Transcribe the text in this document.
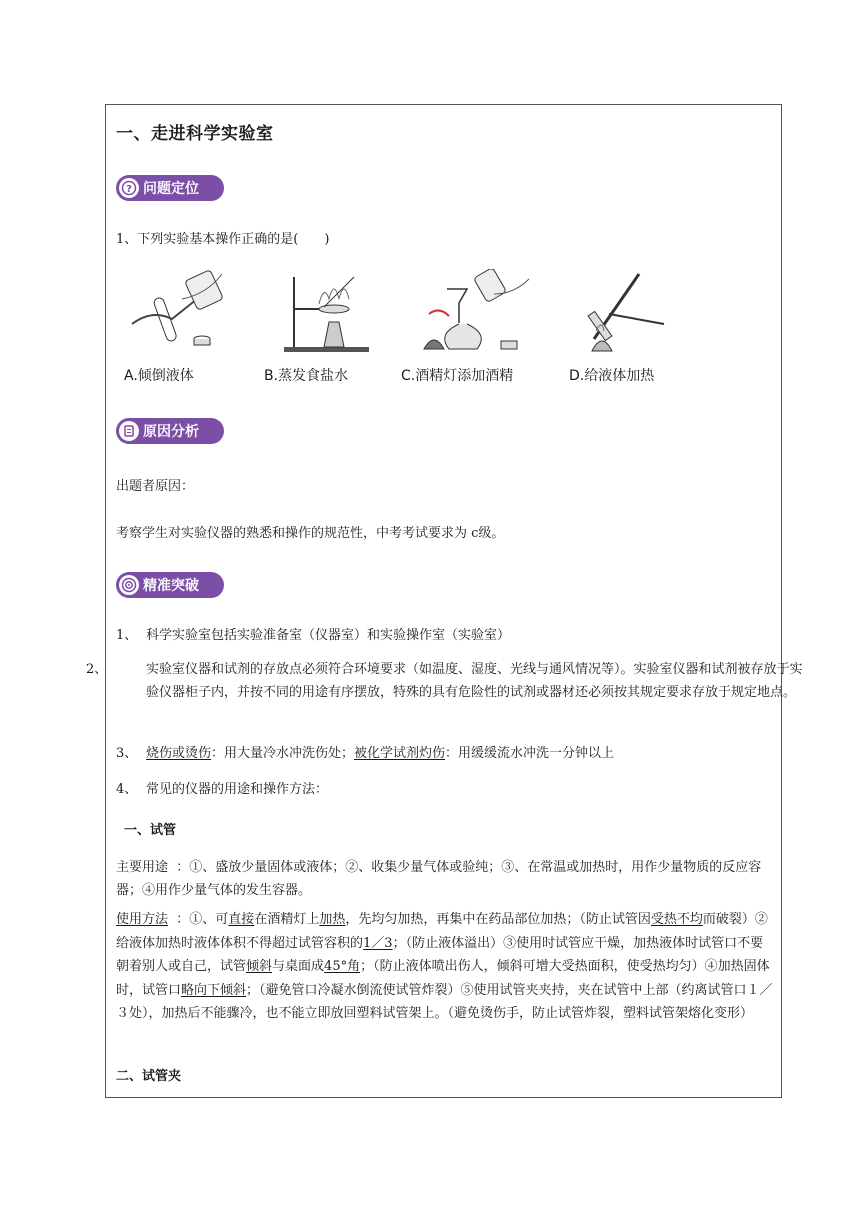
一、走进科学实验室
? 问题定位
1、下列实验基本操作正确的是(　　)
A.倾倒液体	B.蒸发食盐水	C.酒精灯添加酒精	D.给液体加热
原因分析
出题者原因：
考察学生对实验仪器的熟悉和操作的规范性，中考考试要求为 c级。
精准突破
1、 科学实验室包括实验准备室（仪器室）和实验操作室（实验室）
2、	实验室仪器和试剂的存放点必须符合环境要求（如温度、湿度、光线与通风情况等）。实验室仪器和试剂被存放于实验仪器柜子内，并按不同的用途有序摆放，特殊的具有危险性的试剂或器材还必须按其规定要求存放于规定地点。
3、 烧伤或烫伤：用大量冷水冲洗伤处；被化学试剂灼伤：用缓缓流水冲洗一分钟以上
4、 常见的仪器的用途和操作方法：
一、试管
主要用途 ：①、盛放少量固体或液体；②、收集少量气体或验纯；③、在常温或加热时，用作少量物质的反应容器；④用作少量气体的发生容器。
使用方法 ：①、可直接在酒精灯上加热，先均匀加热，再集中在药品部位加热；（防止试管因受热不均而破裂）②给液体加热时液体体积不得超过试管容积的1／3；（防止液体溢出）③使用时试管应干燥，加热液体时试管口不要朝着别人或自己，试管倾斜与桌面成45°角；（防止液体喷出伤人，倾斜可增大受热面积，使受热均匀）④加热固体时，试管口略向下倾斜；（避免管口冷凝水倒流使试管炸裂）⑤使用试管夹夹持，夹在试管中上部（约离试管口１／３处），加热后不能骤冷，也不能立即放回塑料试管架上。（避免烫伤手，防止试管炸裂，塑料试管架熔化变形）
二、试管夹
